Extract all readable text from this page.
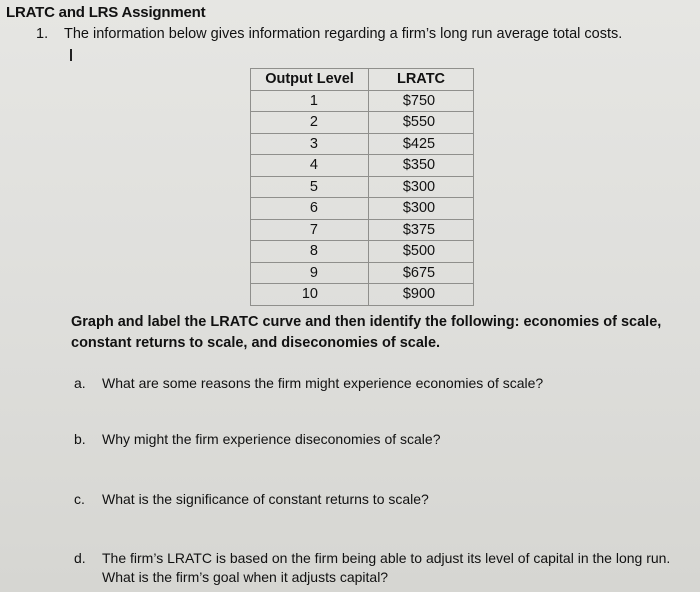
LRATC and LRS Assignment
1. The information below gives information regarding a firm’s long run average total costs.
Output Level	LRATC
1	$750
2	$550
3	$425
4	$350
5	$300
6	$300
7	$375
8	$500
9	$675
10	$900
Graph and label the LRATC curve and then identify the following: economies of scale, constant returns to scale, and diseconomies of scale.
a. What are some reasons the firm might experience economies of scale?
b. Why might the firm experience diseconomies of scale?
c. What is the significance of constant returns to scale?
d. The firm’s LRATC is based on the firm being able to adjust its level of capital in the long run.
What is the firm’s goal when it adjusts capital?
